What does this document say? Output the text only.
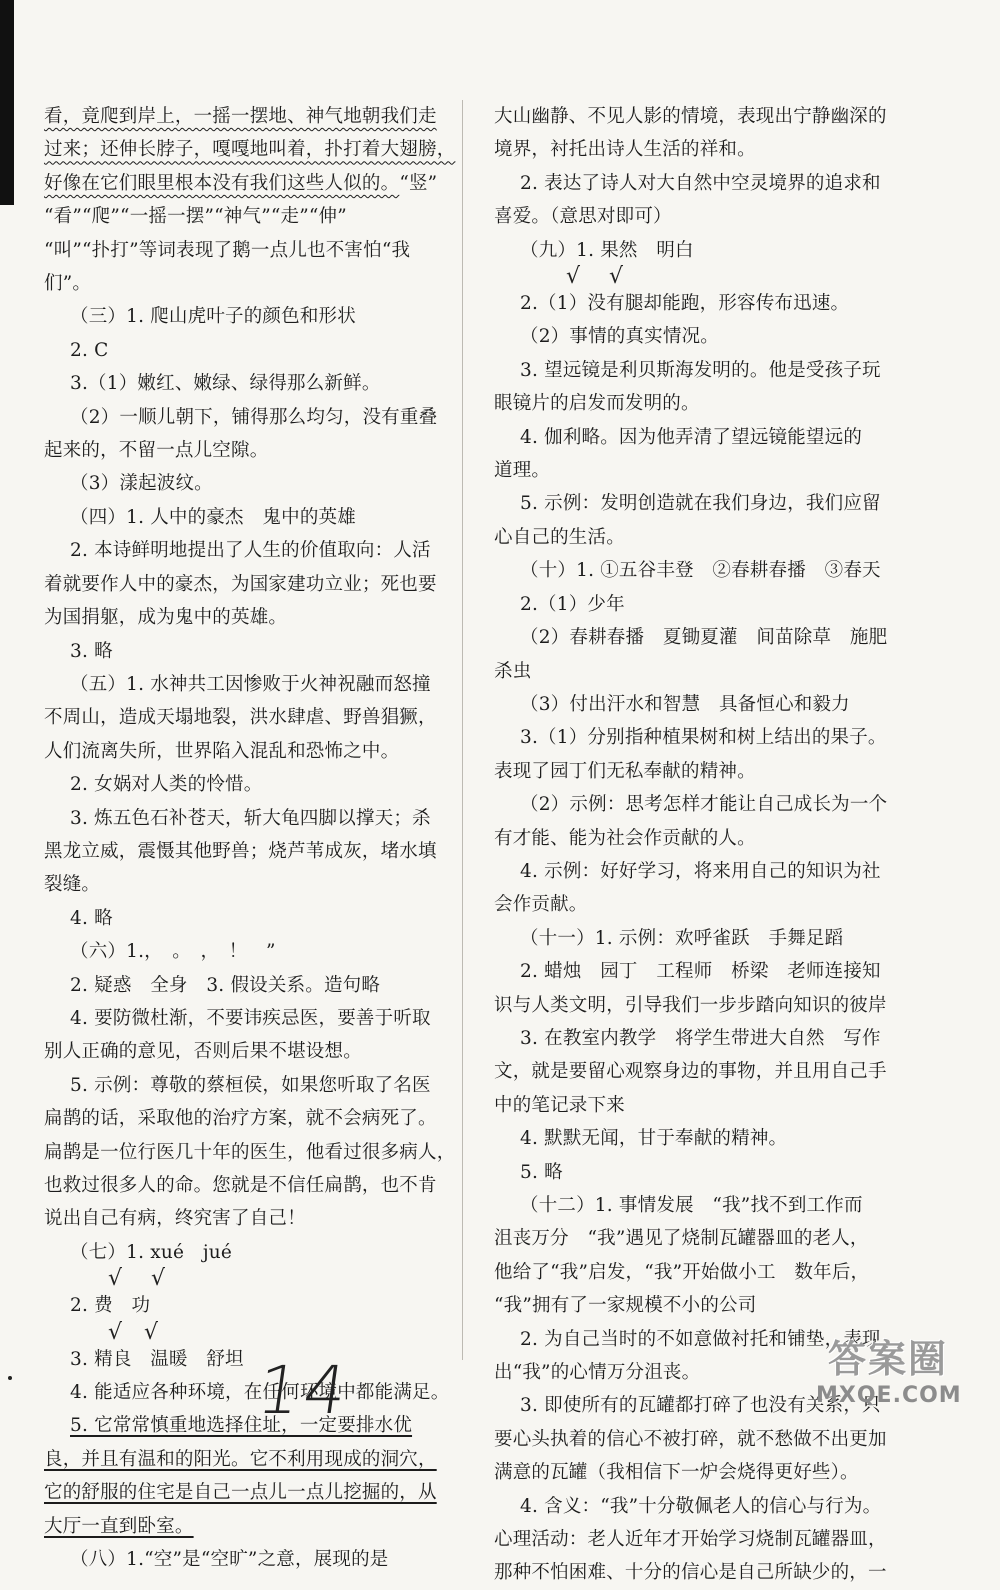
看，竟爬到岸上，一摇一摆地、神气地朝我们走
过来；还伸长脖子，嘎嘎地叫着，扑打着大翅膀，
好像在它们眼里根本没有我们这些人似的。“竖”
“看”“爬”“一摇一摆”“神气”“走”“伸”
“叫”“扑打”等词表现了鹅一点儿也不害怕“我
们”。
（三）1. 爬山虎叶子的颜色和形状
2. C
3.（1）嫩红、嫩绿、绿得那么新鲜。
（2）一顺儿朝下，铺得那么均匀，没有重叠
起来的，不留一点儿空隙。
（3）漾起波纹。
（四）1. 人中的豪杰　鬼中的英雄
2. 本诗鲜明地提出了人生的价值取向：人活
着就要作人中的豪杰，为国家建功立业；死也要
为国捐躯，成为鬼中的英雄。
3. 略
（五）1. 水神共工因惨败于火神祝融而怒撞
不周山，造成天塌地裂，洪水肆虐、野兽猖獗，
人们流离失所，世界陷入混乱和恐怖之中。
2. 女娲对人类的怜惜。
3. 炼五色石补苍天，斩大龟四脚以撑天；杀
黑龙立威，震慑其他野兽；烧芦苇成灰，堵水填
裂缝。
4. 略
（六）1.，　。　，　！　”
2. 疑惑　全身　3. 假设关系。造句略
4. 要防微杜渐，不要讳疾忌医，要善于听取
别人正确的意见，否则后果不堪设想。
5. 示例：尊敬的蔡桓侯，如果您听取了名医
扁鹊的话，采取他的治疗方案，就不会病死了。
扁鹊是一位行医几十年的医生，他看过很多病人，
也救过很多人的命。您就是不信任扁鹊，也不肯
说出自己有病，终究害了自己！
（七）1. xué　jué
√　 √
2. 费　功
√　√
3. 精良　温暖　舒坦
4. 能适应各种环境，在任何环境中都能满足。
5. 它常常慎重地选择住址，一定要排水优
良，并且有温和的阳光。它不利用现成的洞穴，
它的舒服的住宅是自己一点儿一点儿挖掘的，从
大厅一直到卧室。
（八）1.“空”是“空旷”之意，展现的是
大山幽静、不见人影的情境，表现出宁静幽深的
境界，衬托出诗人生活的祥和。
2. 表达了诗人对大自然中空灵境界的追求和
喜爱。（意思对即可）
（九）1. 果然　明白
√　 √
2.（1）没有腿却能跑，形容传布迅速。
（2）事情的真实情况。
3. 望远镜是利贝斯海发明的。他是受孩子玩
眼镜片的启发而发明的。
4. 伽利略。因为他弄清了望远镜能望远的
道理。
5. 示例：发明创造就在我们身边，我们应留
心自己的生活。
（十）1. ①五谷丰登　②春耕春播　③春天
2.（1）少年
（2）春耕春播　夏锄夏灌　间苗除草　施肥
杀虫
（3）付出汗水和智慧　具备恒心和毅力
3.（1）分别指种植果树和树上结出的果子。
表现了园丁们无私奉献的精神。
（2）示例：思考怎样才能让自己成长为一个
有才能、能为社会作贡献的人。
4. 示例：好好学习，将来用自己的知识为社
会作贡献。
（十一）1. 示例：欢呼雀跃　手舞足蹈
2. 蜡烛　园丁　工程师　桥梁　老师连接知
识与人类文明，引导我们一步步踏向知识的彼岸
3. 在教室内教学　将学生带进大自然　写作
文，就是要留心观察身边的事物，并且用自己手
中的笔记录下来
4. 默默无闻，甘于奉献的精神。
5. 略
（十二）1. 事情发展　“我”找不到工作而
沮丧万分　“我”遇见了烧制瓦罐器皿的老人，
他给了“我”启发，“我”开始做小工　数年后，
“我”拥有了一家规模不小的公司
2. 为自己当时的不如意做衬托和铺垫，表现
出“我”的心情万分沮丧。
3. 即使所有的瓦罐都打碎了也没有关系，只
要心头执着的信心不被打碎，就不愁做不出更加
满意的瓦罐（我相信下一炉会烧得更好些）。
4. 含义：“我”十分敬佩老人的信心与行为。
心理活动：老人近年才开始学习烧制瓦罐器皿，
那种不怕困难、十分的信心是自己所缺少的，一
14	答案圈
MXQE.COM
